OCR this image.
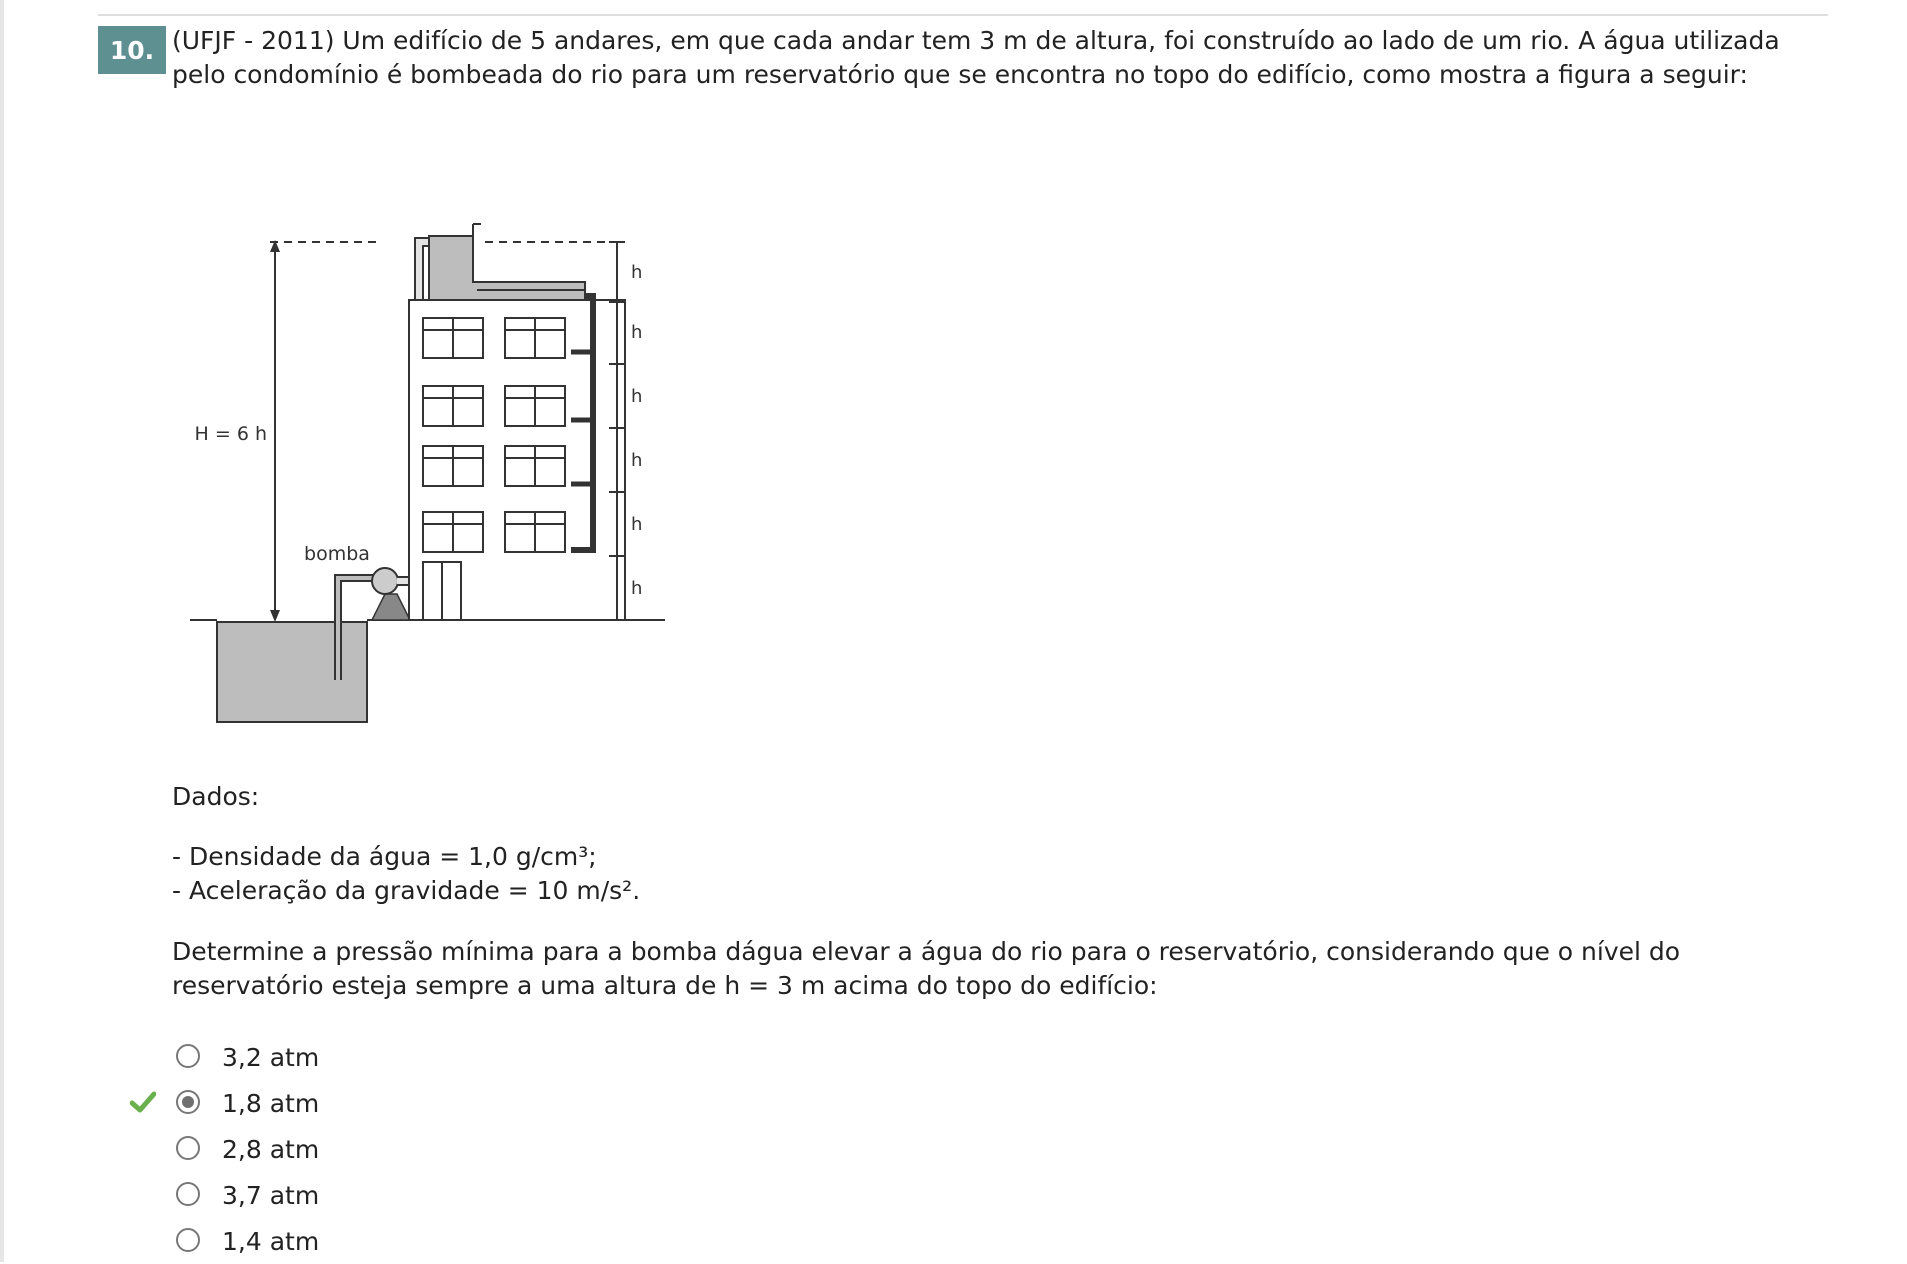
10. (UFJF - 2011) Um edifício de 5 andares, em que cada andar tem 3 m de altura, foi construído ao lado de um rio. A água utilizada pelo condomínio é bombeada do rio para um reservatório que se encontra no topo do edifício, como mostra a figura a seguir:
H = 6 h
bomba
h
h
h
h
h
h
Dados:
- Densidade da água = 1,0 g/cm³;
- Aceleração da gravidade = 10 m/s².
Determine a pressão mínima para a bomba dágua elevar a água do rio para o reservatório, considerando que o nível do reservatório esteja sempre a uma altura de h = 3 m acima do topo do edifício:
3,2 atm
1,8 atm
2,8 atm
3,7 atm
1,4 atm
